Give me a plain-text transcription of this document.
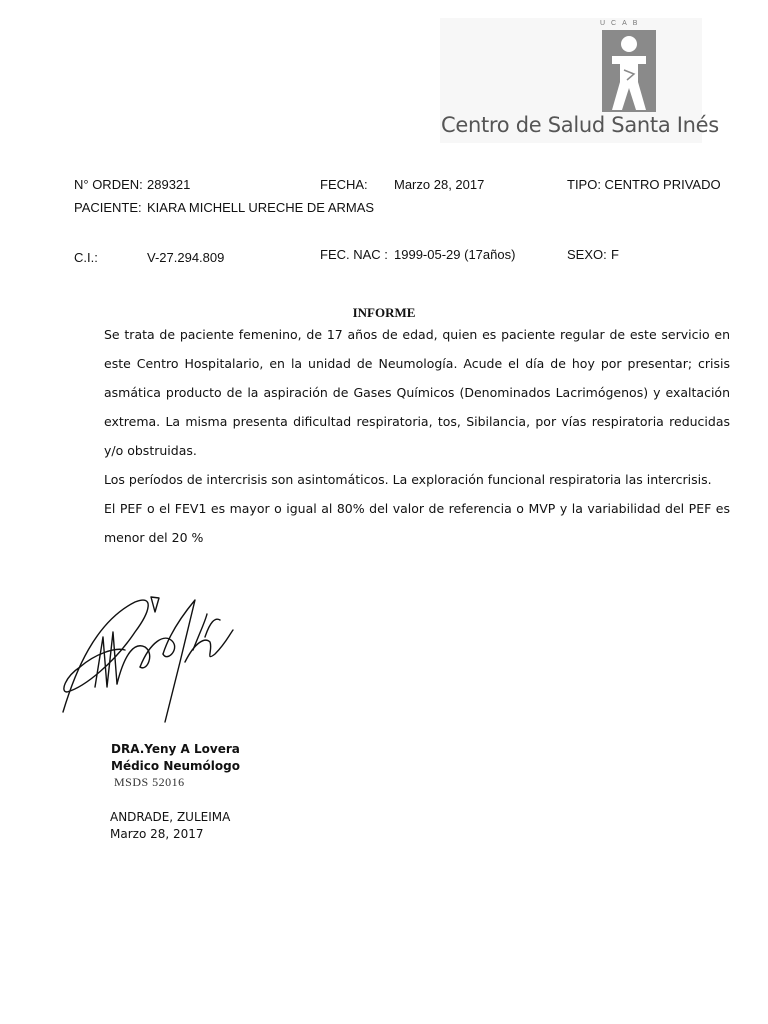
UCAB
Centro de Salud Santa Inés
N° ORDEN: 289321	FECHA: Marzo 28, 2017	TIPO: CENTRO PRIVADO
PACIENTE: KIARA MICHELL URECHE DE ARMAS
C.I.:	V-27.294.809	FEC. NAC : 1999-05-29 (17años)	SEXO: F
INFORME

Se trata de paciente femenino, de 17 años de edad, quien es paciente regular de este servicio en este Centro Hospitalario, en la unidad de Neumología. Acude el día de hoy por presentar; crisis asmática producto de la aspiración de Gases Químicos (Denominados Lacrimógenos) y exaltación extrema. La misma presenta dificultad respiratoria, tos, Sibilancia, por vías respiratoria reducidas y/o obstruidas.

Los períodos de intercrisis son asintomáticos. La exploración funcional respiratoria las intercrisis.

El PEF o el FEV1 es mayor o igual al 80% del valor de referencia o MVP y la variabilidad del PEF es menor del 20 %

DRA.Yeny A Lovera
Médico Neumólogo
MSDS 52016
ANDRADE, ZULEIMA
Marzo 28, 2017
